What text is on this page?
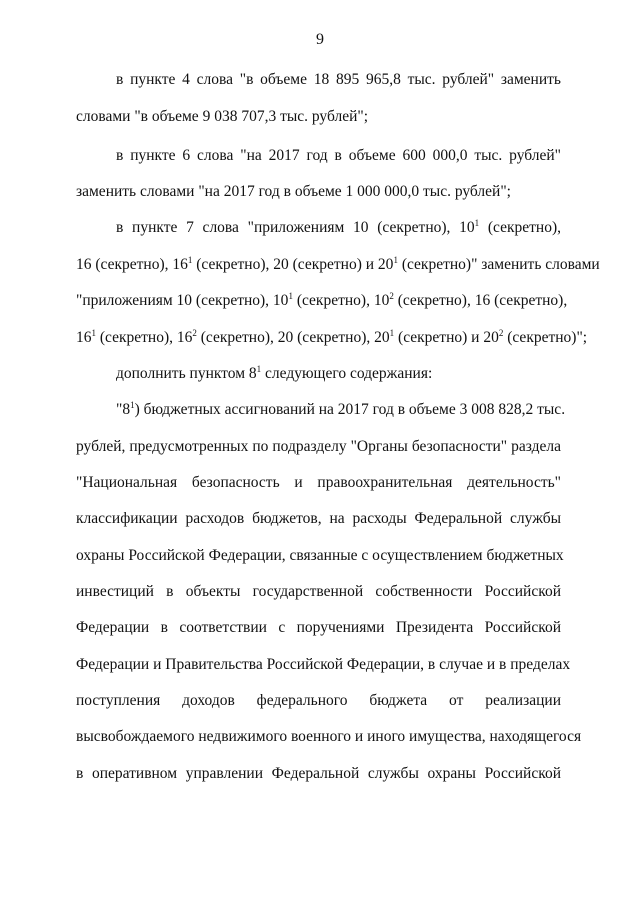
9
в пункте 4 слова "в объеме 18 895 965,8 тыс. рублей" заменить
словами "в объеме 9 038 707,3 тыс. рублей";
в пункте 6 слова "на 2017 год в объеме 600 000,0 тыс. рублей"
заменить словами "на 2017 год в объеме 1 000 000,0 тыс. рублей";
в пункте 7 слова "приложениям 10 (секретно), $10^1$ (секретно),
16 (секретно), $16^1$ (секретно), 20 (секретно) и $20^1$ (секретно)" заменить словами
"приложениям 10 (секретно), $10^1$ (секретно), $10^2$ (секретно), 16 (секретно),
$16^1$ (секретно), $16^2$ (секретно), 20 (секретно), $20^1$ (секретно) и $20^2$ (секретно)";
дополнить пунктом $8^1$ следующего содержания:
"$8^1$) бюджетных ассигнований на 2017 год в объеме 3 008 828,2 тыс.
рублей, предусмотренных по подразделу "Органы безопасности" раздела
"Национальная безопасность и правоохранительная деятельность"
классификации расходов бюджетов, на расходы Федеральной службы
охраны Российской Федерации, связанные с осуществлением бюджетных
инвестиций в объекты государственной собственности Российской
Федерации в соответствии с поручениями Президента Российской
Федерации и Правительства Российской Федерации, в случае и в пределах
поступления доходов федерального бюджета от реализации
высвобождаемого недвижимого военного и иного имущества, находящегося
в оперативном управлении Федеральной службы охраны Российской
